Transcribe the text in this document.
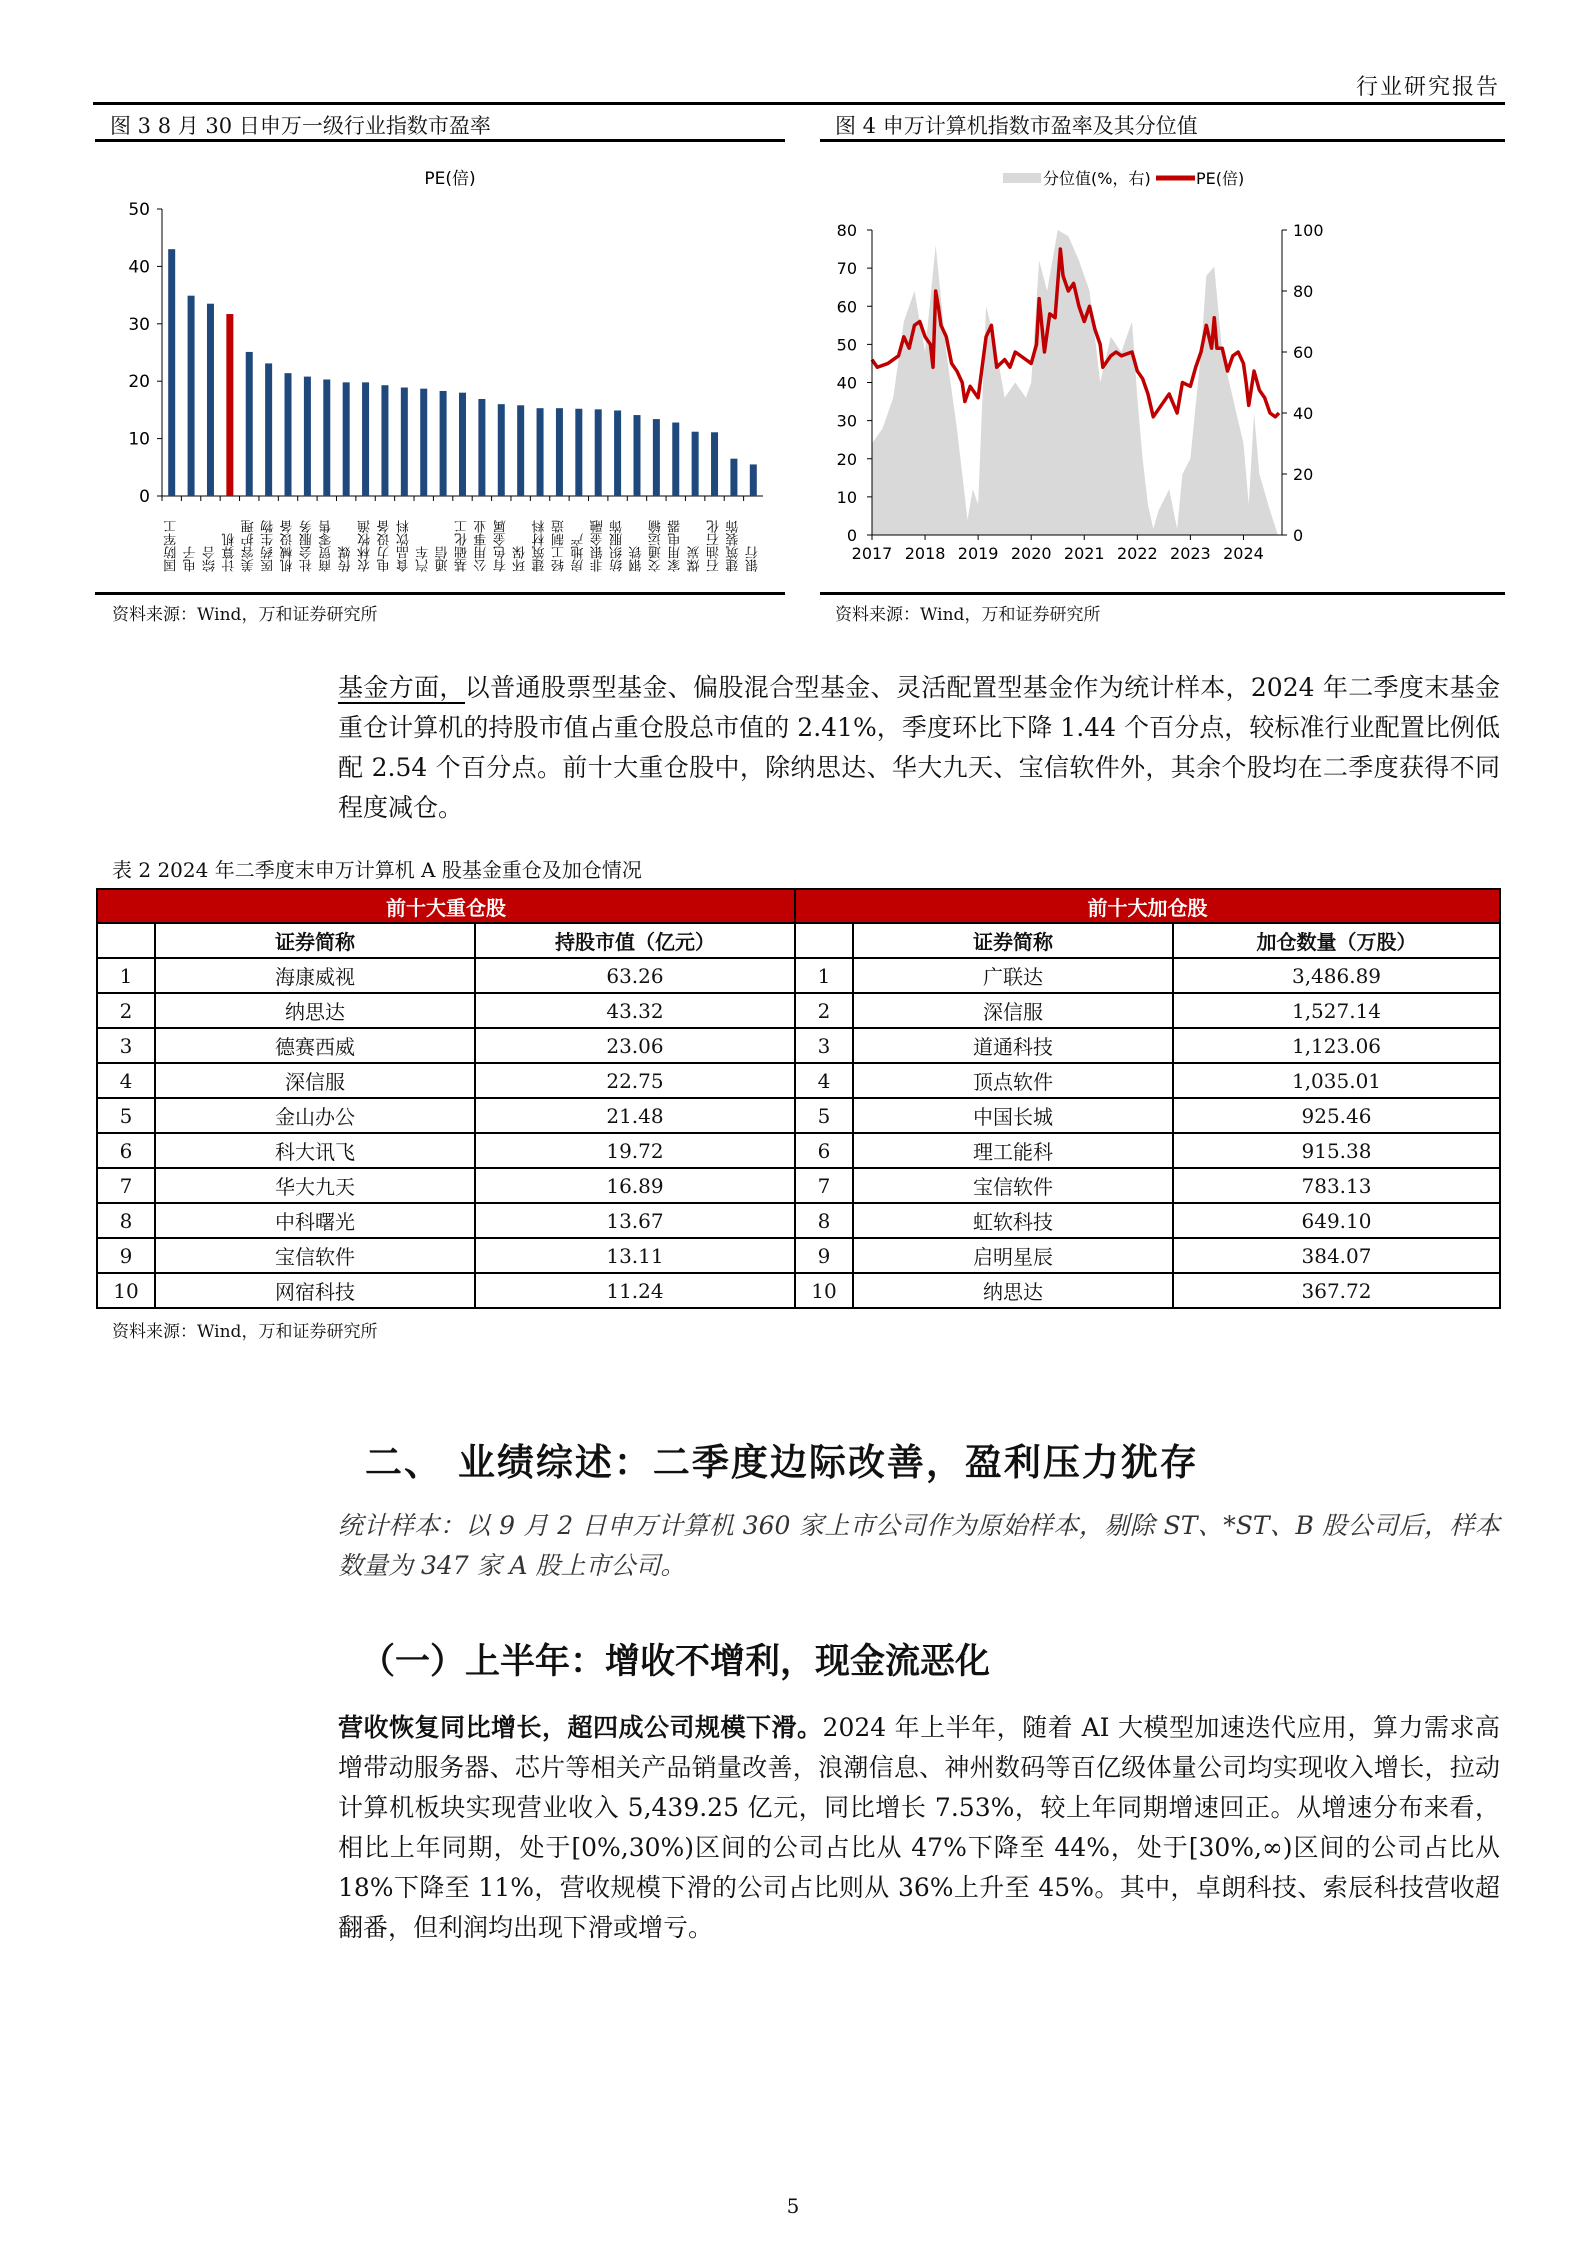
行业研究报告
图 3 8 月 30 日申万一级行业指数市盈率	图 4 申万计算机指数市盈率及其分位值
PE(倍)
0
10
20
30
40
50
国防军工 电子 综合 计算机 美容护理 医药生物 机械设备 社会服务 商贸零售 传媒 农林牧渔 电力设备 食品饮料 汽车 通信 基础化工 公用事业 有色金属 环保 建筑材料 轻工制造 房地产 非银金融 纺织服饰 钢铁 交通运输 家用电器 煤炭 石油石化 建筑装饰 银行
分位值(%，右)	PE(倍)
0
10
20
30
40
50
60
70
80
0
20
40
60
80
100
2017 2018 2019 2020 2021 2022 2023 2024
资料来源：Wind，万和证券研究所	资料来源：Wind，万和证券研究所
基金方面，以普通股票型基金、偏股混合型基金、灵活配置型基金作为统计样本，2024 年二季度末基金重仓计算机的持股市值占重仓股总市值的 2.41%，季度环比下降 1.44 个百分点，较标准行业配置比例低配 2.54 个百分点。前十大重仓股中，除纳思达、华大九天、宝信软件外，其余个股均在二季度获得不同程度减仓。
表 2 2024 年二季度末申万计算机 A 股基金重仓及加仓情况
前十大重仓股			前十大加仓股		
	证券简称	持股市值（亿元）		证券简称	加仓数量（万股）
1	海康威视	63.26	1	广联达	3,486.89
2	纳思达	43.32	2	深信服	1,527.14
3	德赛西威	23.06	3	道通科技	1,123.06
4	深信服	22.75	4	顶点软件	1,035.01
5	金山办公	21.48	5	中国长城	925.46
6	科大讯飞	19.72	6	理工能科	915.38
7	华大九天	16.89	7	宝信软件	783.13
8	中科曙光	13.67	8	虹软科技	649.10
9	宝信软件	13.11	9	启明星辰	384.07
10	网宿科技	11.24	10	纳思达	367.72
资料来源：Wind，万和证券研究所
二、 业绩综述：二季度边际改善，盈利压力犹存
统计样本：以 9 月 2 日申万计算机 360 家上市公司作为原始样本，剔除 ST、*ST、B 股公司后，样本数量为 347 家 A 股上市公司。
（一）上半年：增收不增利，现金流恶化
营收恢复同比增长，超四成公司规模下滑。2024 年上半年，随着 AI 大模型加速迭代应用，算力需求高增带动服务器、芯片等相关产品销量改善，浪潮信息、神州数码等百亿级体量公司均实现收入增长，拉动计算机板块实现营业收入 5,439.25 亿元，同比增长 7.53%，较上年同期增速回正。从增速分布来看，相比上年同期，处于[0%,30%)区间的公司占比从 47%下降至 44%，处于[30%,∞)区间的公司占比从 18%下降至 11%，营收规模下滑的公司占比则从 36%上升至 45%。其中，卓朗科技、索辰科技营收超翻番，但利润均出现下滑或增亏。
5
